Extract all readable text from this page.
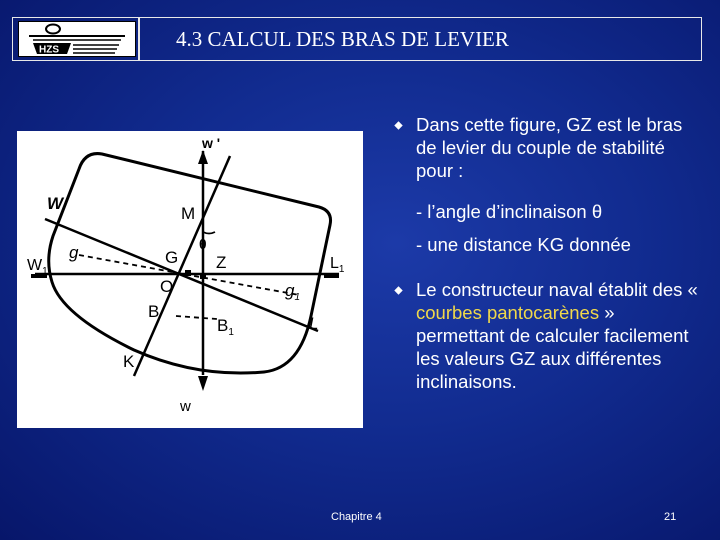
HZS	4.3 CALCUL DES BRAS DE LEVIER
w '
W
M
g
$W_1$
G
θ
Z	$L_1$
O	$g_1$
B
L
$B_1$
K
w
Dans cette figure, GZ est le bras de levier du couple de stabilité pour :
- l’angle d’inclinaison θ
- une distance KG donnée
Le constructeur naval établit des « courbes pantocarènes » permettant de calculer facilement les valeurs GZ aux différentes inclinaisons.
Chapitre 4	21
